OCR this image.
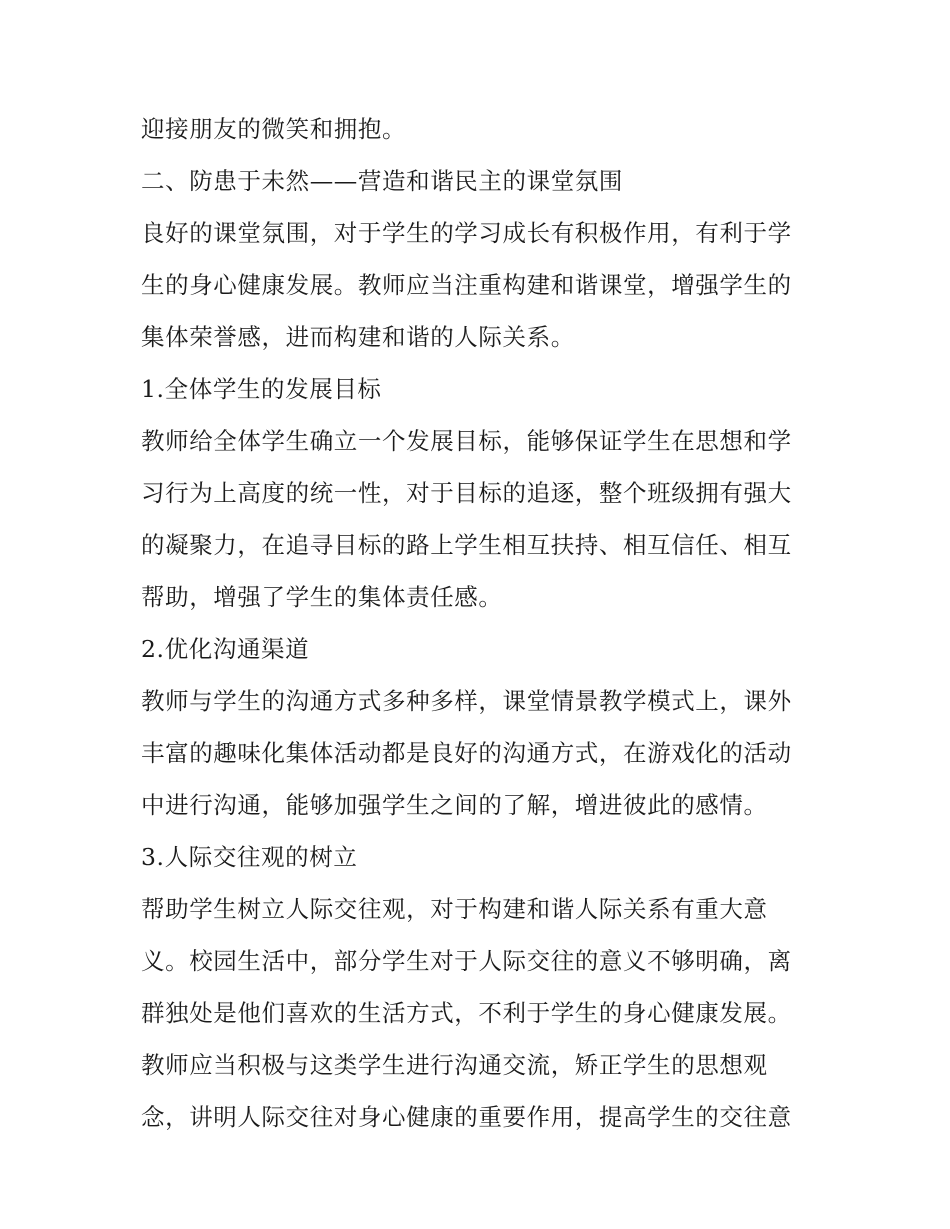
迎接朋友的微笑和拥抱。
二、防患于未然——营造和谐民主的课堂氛围
良好的课堂氛围，对于学生的学习成长有积极作用，有利于学
生的身心健康发展。教师应当注重构建和谐课堂，增强学生的
集体荣誉感，进而构建和谐的人际关系。
1.全体学生的发展目标
教师给全体学生确立一个发展目标，能够保证学生在思想和学
习行为上高度的统一性，对于目标的追逐，整个班级拥有强大
的凝聚力，在追寻目标的路上学生相互扶持、相互信任、相互
帮助，增强了学生的集体责任感。
2.优化沟通渠道
教师与学生的沟通方式多种多样，课堂情景教学模式上，课外
丰富的趣味化集体活动都是良好的沟通方式，在游戏化的活动
中进行沟通，能够加强学生之间的了解，增进彼此的感情。
3.人际交往观的树立
帮助学生树立人际交往观，对于构建和谐人际关系有重大意
义。校园生活中，部分学生对于人际交往的意义不够明确，离
群独处是他们喜欢的生活方式，不利于学生的身心健康发展。
教师应当积极与这类学生进行沟通交流，矫正学生的思想观
念，讲明人际交往对身心健康的重要作用，提高学生的交往意
